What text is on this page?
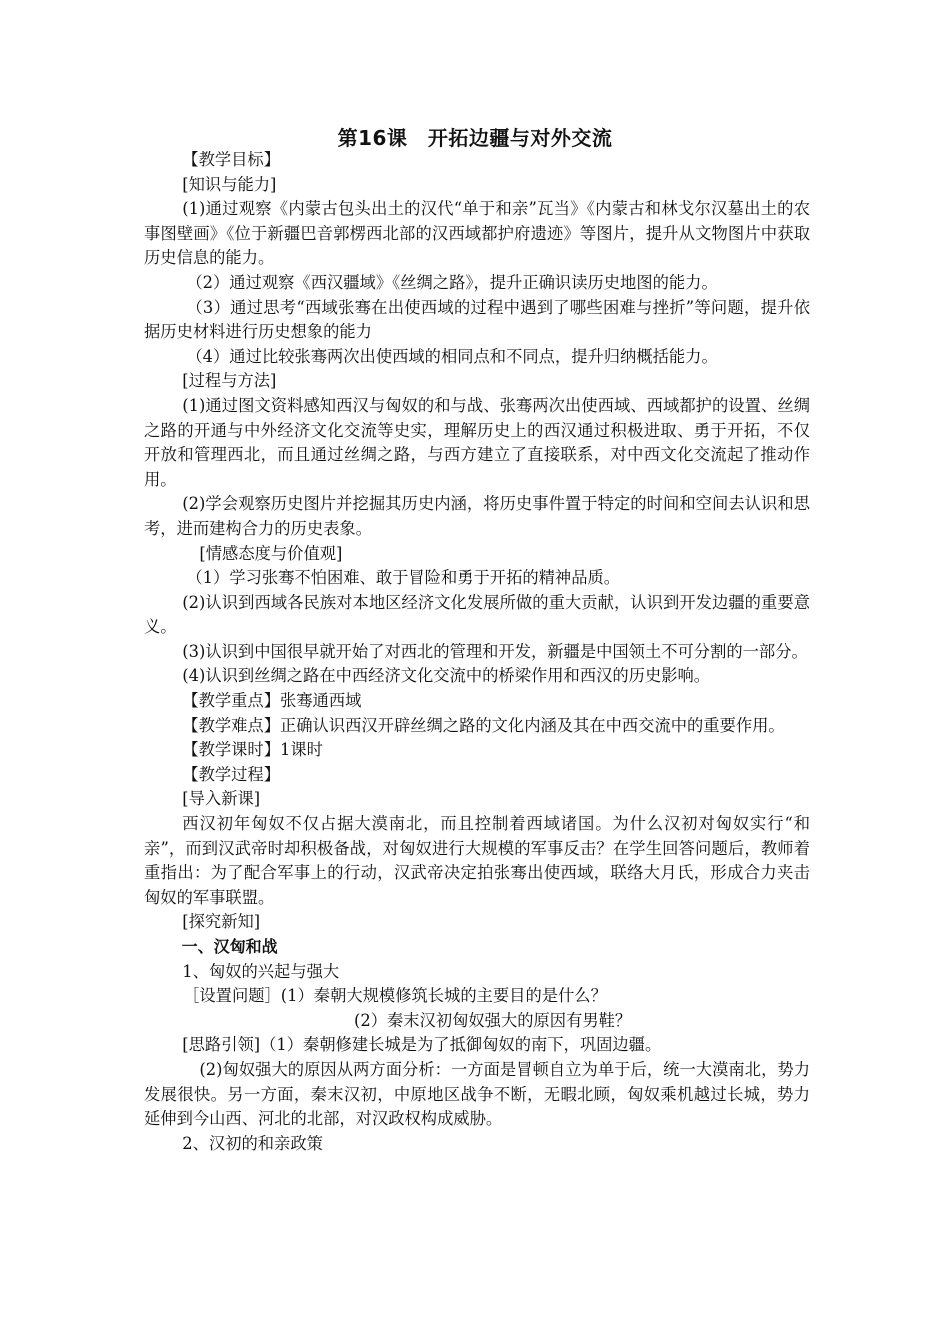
第16课　开拓边疆与对外交流

【教学目标】

[知识与能力]

(1)通过观察《内蒙古包头出土的汉代“单于和亲”瓦当》《内蒙古和林戈尔汉墓出土的农事图壁画》《位于新疆巴音郭楞西北部的汉西域都护府遗迹》等图片，提升从文物图片中获取历史信息的能力。

（2）通过观察《西汉疆域》《丝绸之路》，提升正确识读历史地图的能力。

（3）通过思考“西域张骞在出使西域的过程中遇到了哪些困难与挫折”等问题，提升依据历史材料进行历史想象的能力

（4）通过比较张骞两次出使西域的相同点和不同点，提升归纳概括能力。

[过程与方法]

(1)通过图文资料感知西汉与匈奴的和与战、张骞两次出使西域、西域都护的设置、丝绸之路的开通与中外经济文化交流等史实，理解历史上的西汉通过积极进取、勇于开拓，不仅开放和管理西北，而且通过丝绸之路，与西方建立了直接联系，对中西文化交流起了推动作用。

(2)学会观察历史图片并挖掘其历史内涵，将历史事件置于特定的时间和空间去认识和思考，进而建构合力的历史表象。

[情感态度与价值观]

（1）学习张骞不怕困难、敢于冒险和勇于开拓的精神品质。

(2)认识到西域各民族对本地区经济文化发展所做的重大贡献，认识到开发边疆的重要意义。

(3)认识到中国很早就开始了对西北的管理和开发，新疆是中国领土不可分割的一部分。

(4)认识到丝绸之路在中西经济文化交流中的桥梁作用和西汉的历史影响。

【教学重点】张骞通西域

【教学难点】正确认识西汉开辟丝绸之路的文化内涵及其在中西交流中的重要作用。

【教学课时】1课时

【教学过程】

[导入新课]

西汉初年匈奴不仅占据大漠南北，而且控制着西域诸国。为什么汉初对匈奴实行“和亲”，而到汉武帝时却积极备战，对匈奴进行大规模的军事反击？在学生回答问题后，教师着重指出：为了配合军事上的行动，汉武帝决定拍张骞出使西域，联络大月氏，形成合力夹击匈奴的军事联盟。

[探究新知]

一、汉匈和战

1、匈奴的兴起与强大

［设置问题］(1）秦朝大规模修筑长城的主要目的是什么？

(2）秦末汉初匈奴强大的原因有男鞋？

[思路引领]（1）秦朝修建长城是为了抵御匈奴的南下，巩固边疆。

(2)匈奴强大的原因从两方面分析：一方面是冒顿自立为单于后，统一大漠南北，势力发展很快。另一方面，秦末汉初，中原地区战争不断，无暇北顾，匈奴乘机越过长城，势力延伸到今山西、河北的北部，对汉政权构成威胁。

2、汉初的和亲政策
